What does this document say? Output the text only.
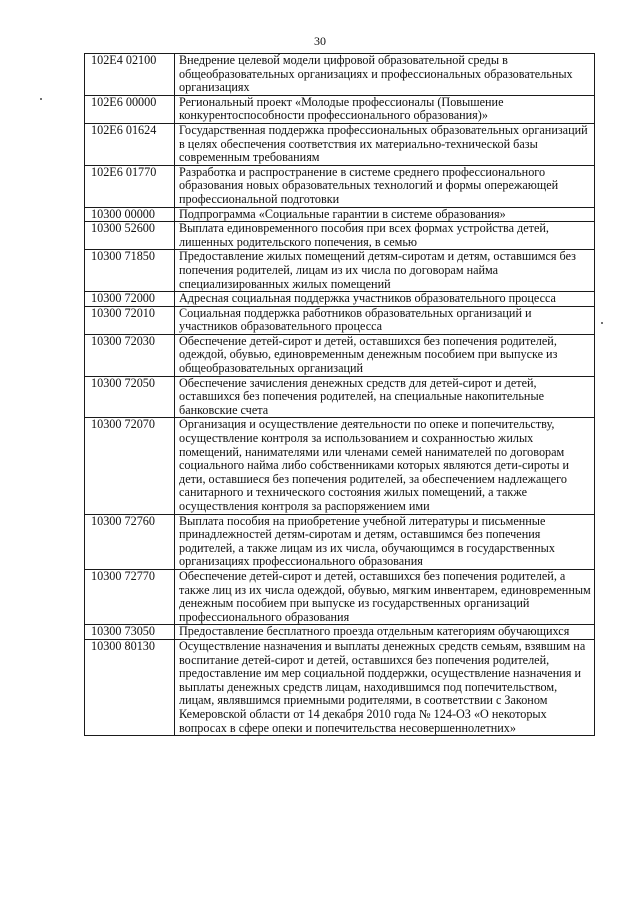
30
102E4 02100	Внедрение целевой модели цифровой образовательной среды в общеобразовательных организациях и профессиональных образовательных организациях
102E6 00000	Региональный проект «Молодые профессионалы (Повышение конкурентоспособности профессионального образования)»
102E6 01624	Государственная поддержка профессиональных образовательных организаций в целях обеспечения соответствия их материально-технической базы современным требованиям
102E6 01770	Разработка и распространение в системе среднего профессионального образования новых образовательных технологий и формы опережающей профессиональной подготовки
10300 00000	Подпрограмма «Социальные гарантии в системе образования»
10300 52600	Выплата единовременного пособия при всех формах устройства детей, лишенных родительского попечения, в семью
10300 71850	Предоставление жилых помещений детям-сиротам и детям, оставшимся без попечения родителей, лицам из их числа по договорам найма специализированных жилых помещений
10300 72000	Адресная социальная поддержка участников образовательного процесса
10300 72010	Социальная поддержка работников образовательных организаций и участников образовательного процесса
10300 72030	Обеспечение детей-сирот и детей, оставшихся без попечения родителей, одеждой, обувью, единовременным денежным пособием при выпуске из общеобразовательных организаций
10300 72050	Обеспечение зачисления денежных средств для детей-сирот и детей, оставшихся без попечения родителей, на специальные накопительные банковские счета
10300 72070	Организация и осуществление деятельности по опеке и попечительству, осуществление контроля за использованием и сохранностью жилых помещений, нанимателями или членами семей нанимателей по договорам социального найма либо собственниками которых являются дети-сироты и дети, оставшиеся без попечения родителей, за обеспечением надлежащего санитарного и технического состояния жилых помещений, а также осуществления контроля за распоряжением ими
10300 72760	Выплата пособия на приобретение учебной литературы и письменные принадлежностей детям-сиротам и детям, оставшимся без попечения родителей, а также лицам из их числа, обучающимся в государственных организациях профессионального образования
10300 72770	Обеспечение детей-сирот и детей, оставшихся без попечения родителей, а также лиц из их числа одеждой, обувью, мягким инвентарем, единовременным денежным пособием при выпуске из государственных организаций профессионального образования
10300 73050	Предоставление бесплатного проезда отдельным категориям обучающихся
10300 80130	Осуществление назначения и выплаты денежных средств семьям, взявшим на воспитание детей-сирот и детей, оставшихся без попечения родителей, предоставление им мер социальной поддержки, осуществление назначения и выплаты денежных средств лицам, находившимся под попечительством, лицам, являвшимся приемными родителями, в соответствии с Законом Кемеровской области от 14 декабря 2010 года № 124-ОЗ «О некоторых вопросах в сфере опеки и попечительства несовершеннолетних»
